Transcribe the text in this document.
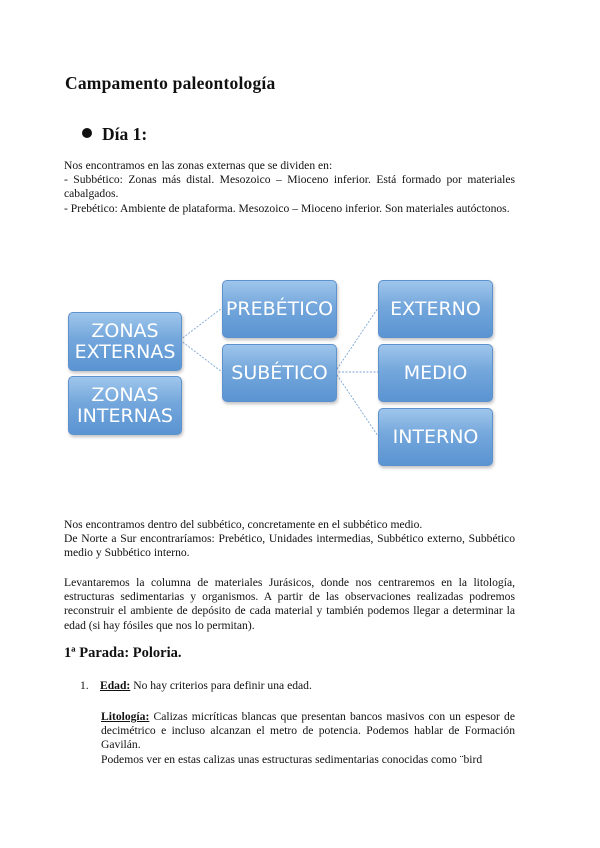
Campamento paleontología
Día 1:

Nos encontramos en las zonas externas que se dividen en:

- Subbético: Zonas más distal. Mesozoico – Mioceno inferior. Está formado por materiales cabalgados.

- Prebético: Ambiente de plataforma. Mesozoico – Mioceno inferior. Son materiales autóctonos.

ZONAS EXTERNAS
ZONAS INTERNAS
PREBÉTICO
SUBÉTICO
EXTERNO
MEDIO
INTERNO

Nos encontramos dentro del subbético, concretamente en el subbético medio.

De Norte a Sur encontraríamos: Prebético, Unidades intermedias, Subbético externo, Subbético medio y Subbético interno.

Levantaremos la columna de materiales Jurásicos, donde nos centraremos en la litología, estructuras sedimentarias y organismos. A partir de las observaciones realizadas podremos reconstruir el ambiente de depósito de cada material y también podemos llegar a determinar la edad (si hay fósiles que nos lo permitan).

1ª Parada: Poloria.
1. Edad: No hay criterios para definir una edad.

Litología: Calizas micríticas blancas que presentan bancos masivos con un espesor de decimétrico e incluso alcanzan el metro de potencia. Podemos hablar de Formación Gavilán.

Podemos ver en estas calizas unas estructuras sedimentarias conocidas como ¨bird
